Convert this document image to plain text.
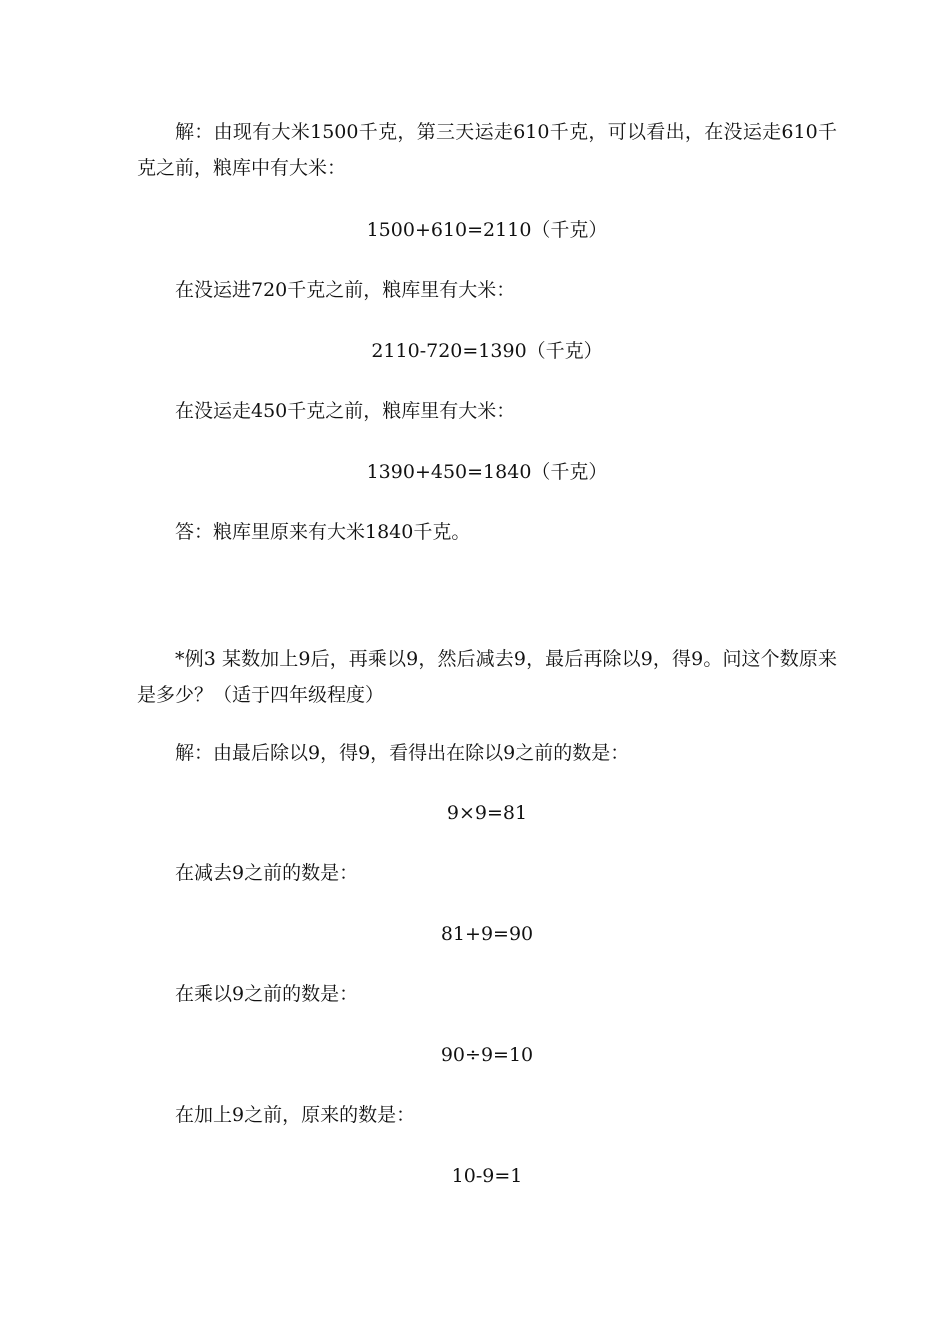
解：由现有大米1500千克，第三天运走610千克，可以看出，在没运走610千克之前，粮库中有大米：
1500+610=2110（千克）
在没运进720千克之前，粮库里有大米：
2110-720=1390（千克）
在没运走450千克之前，粮库里有大米：
1390+450=1840（千克）
答：粮库里原来有大米1840千克。
*例3 某数加上9后，再乘以9，然后减去9，最后再除以9，得9。问这个数原来是多少？（适于四年级程度）
解：由最后除以9，得9，看得出在除以9之前的数是：
9×9=81
在减去9之前的数是：
81+9=90
在乘以9之前的数是：
90÷9=10
在加上9之前，原来的数是：
10-9=1
